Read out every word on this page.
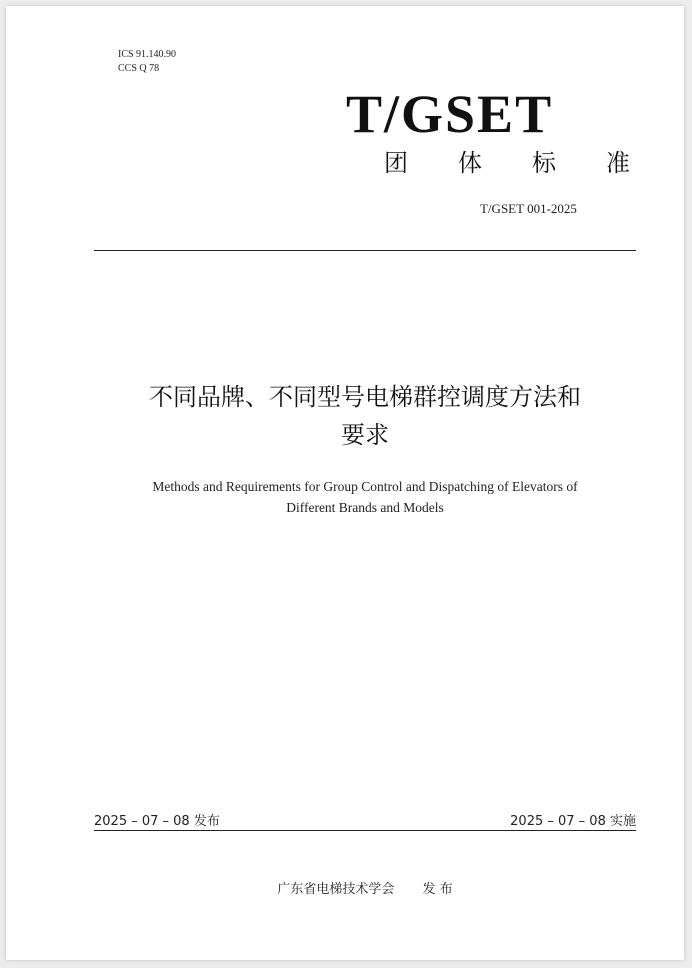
ICS 91.140.90
CCS Q 78
T/GSET
团 体 标 准
T/GSET 001-2025
不同品牌、不同型号电梯群控调度方法和
要求
Methods and Requirements for Group Control and Dispatching of Elevators of
Different Brands and Models
2025 – 07 – 08 发布	2025 – 07 – 08 实施
广东省电梯技术学会 发 布
